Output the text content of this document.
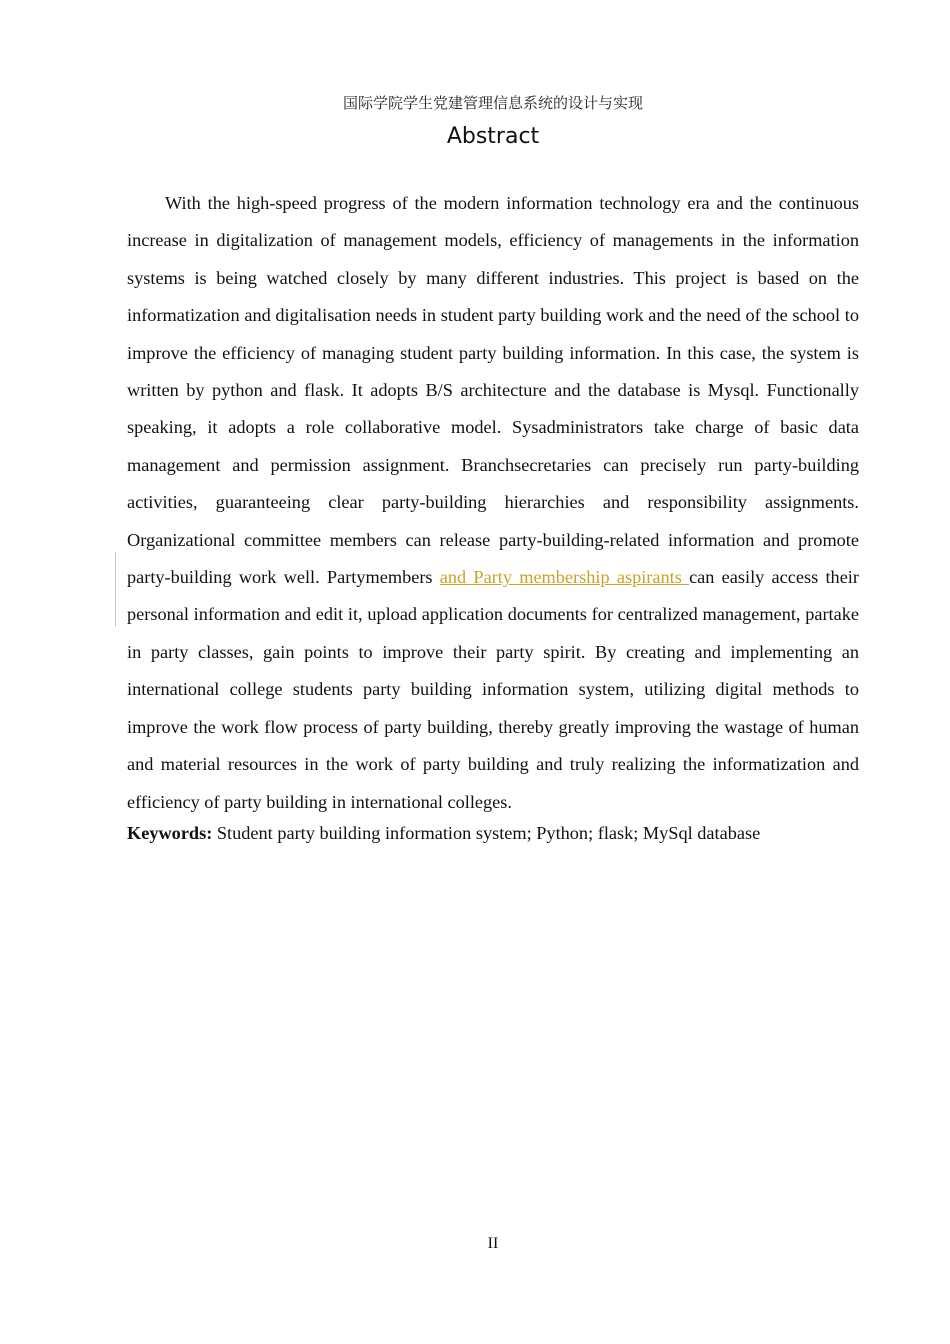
国际学院学生党建管理信息系统的设计与实现
Abstract

With the high-speed progress of the modern information technology era and the continuous increase in digitalization of management models, efficiency of managements in the information systems is being watched closely by many different industries. This project is based on the informatization and digitalisation needs in student party building work and the need of the school to improve the efficiency of managing student party building information. In this case, the system is written by python and flask. It adopts B/S architecture and the database is Mysql. Functionally speaking, it adopts a role collaborative model. Sysadministrators take charge of basic data management and permission assignment. Branchsecretaries can precisely run party-building activities, guaranteeing clear party-building hierarchies and responsibility assignments. Organizational committee members can release party-building-related information and promote party-building work well. Partymembers and Party membership aspirants can easily access their personal information and edit it, upload application documents for centralized management, partake in party classes, gain points to improve their party spirit. By creating and implementing an international college students party building information system, utilizing digital methods to improve the work flow process of party building, thereby greatly improving the wastage of human and material resources in the work of party building and truly realizing the informatization and efficiency of party building in international colleges.

Keywords: Student party building information system; Python; flask; MySql database
II
